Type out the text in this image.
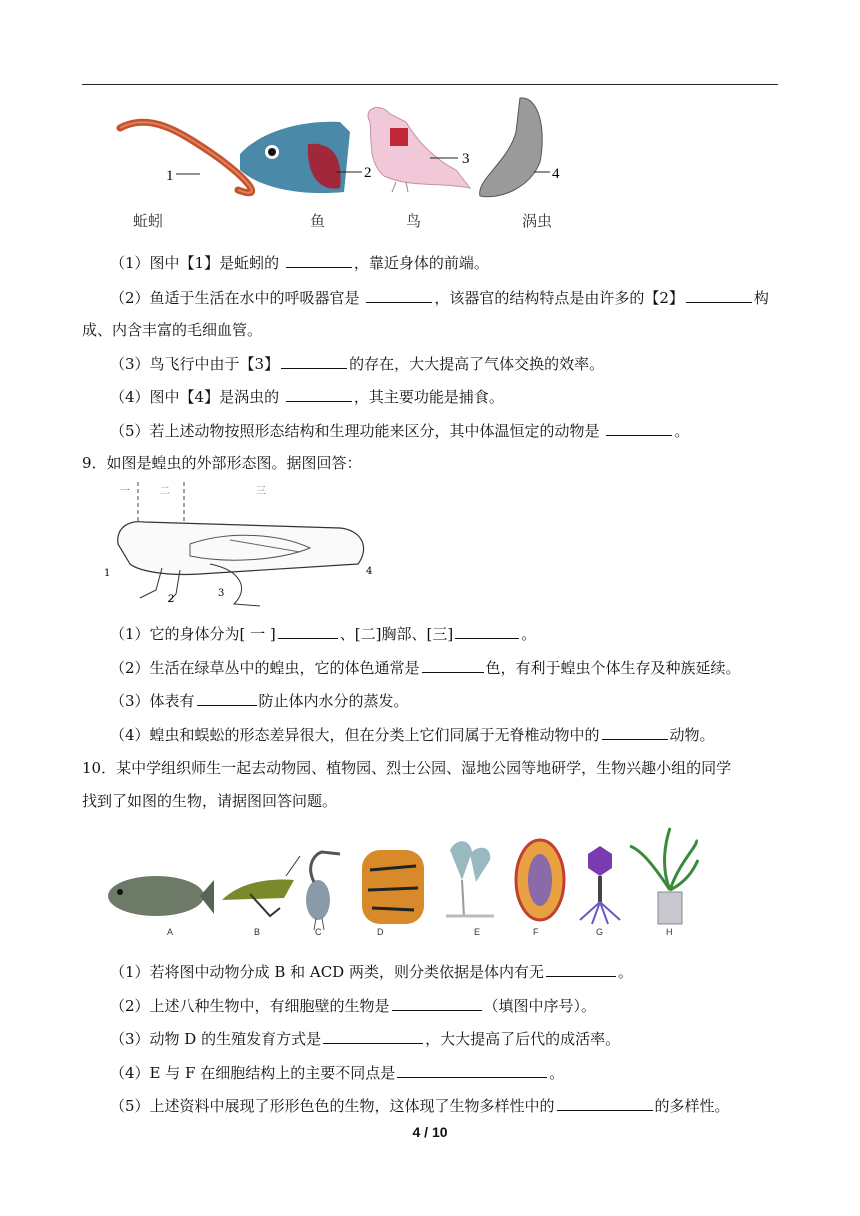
1	2
3
4
蚯蚓	鱼	鸟	涡虫
（1）图中【1】是蚯蚓的	，靠近身体的前端。
（2）鱼适于生活在水中的呼吸器官是	，该器官的结构特点是由许多的【2】	构
成、内含丰富的毛细血管。
（3）鸟飞行中由于【3】	的存在，大大提高了气体交换的效率。
（4）图中【4】是涡虫的	，其主要功能是捕食。
（5）若上述动物按照形态结构和生理功能来区分，其中体温恒定的动物是	。
9．如图是蝗虫的外部形态图。据图回答：
一	二	三
1
2
3
4
（1）它的身体分为[ 一 ]	、[二]胸部、[三]	。
（2）生活在绿草丛中的蝗虫，它的体色通常是	色，有利于蝗虫个体生存及种族延续。
（3）体表有	防止体内水分的蒸发。
（4）蝗虫和蜈蚣的形态差异很大，但在分类上它们同属于无脊椎动物中的	动物。
10．某中学组织师生一起去动物园、植物园、烈士公园、湿地公园等地研学，生物兴趣小组的同学
找到了如图的生物，请据图回答问题。
A	B	C	D	E	F	G	H
（1）若将图中动物分成 B 和 ACD 两类，则分类依据是体内有无	。
（2）上述八种生物中，有细胞壁的生物是	（填图中序号）。
（3）动物 D 的生殖发育方式是	，大大提高了后代的成活率。
（4）E 与 F 在细胞结构上的主要不同点是	。
（5）上述资料中展现了形形色色的生物，这体现了生物多样性中的	的多样性。
4 / 10
